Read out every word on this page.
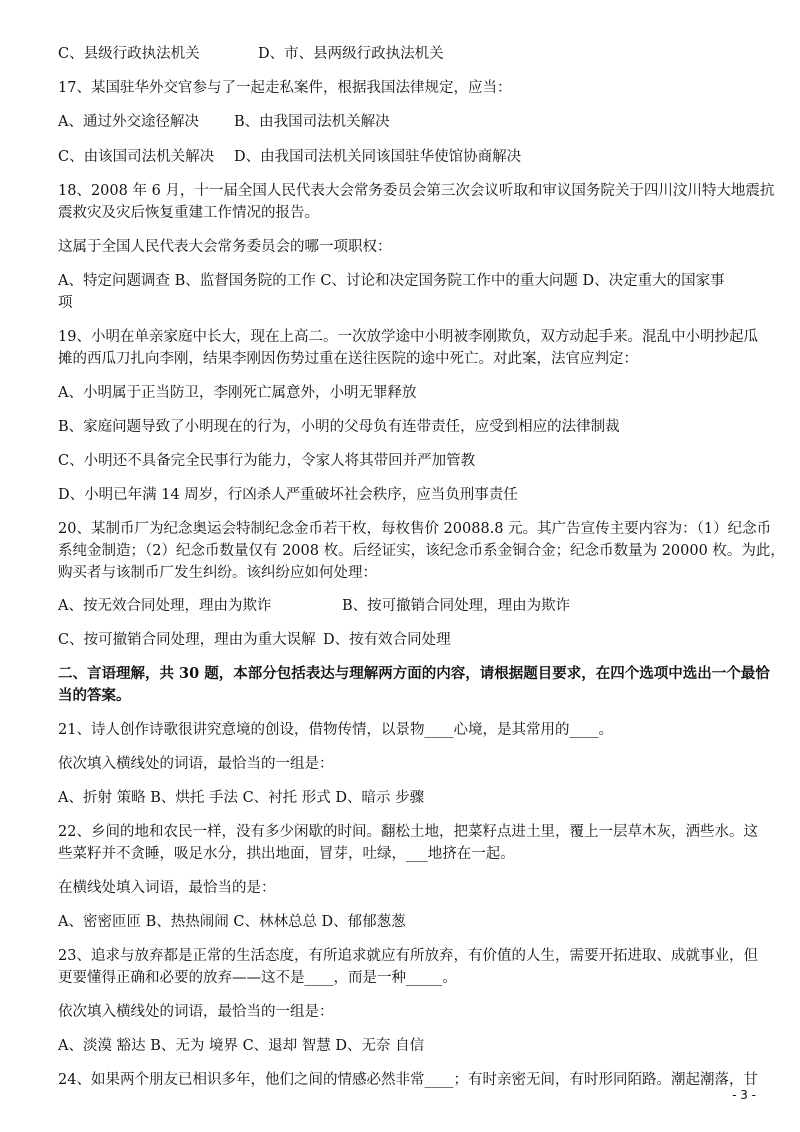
C、县级行政执法机关	D、市、县两级行政执法机关
17、某国驻华外交官参与了一起走私案件，根据我国法律规定，应当：
A、通过外交途径解决 B、由我国司法机关解决
C、由该国司法机关解决 D、由我国司法机关同该国驻华使馆协商解决
18、2008 年 6 月，十一届全国人民代表大会常务委员会第三次会议听取和审议国务院关于四川汶川特大地震抗
震救灾及灾后恢复重建工作情况的报告。
这属于全国人民代表大会常务委员会的哪一项职权：
A、特定问题调查 B、监督国务院的工作 C、讨论和决定国务院工作中的重大问题 D、决定重大的国家事
项
19、小明在单亲家庭中长大，现在上高二。一次放学途中小明被李刚欺负，双方动起手来。混乱中小明抄起瓜
摊的西瓜刀扎向李刚，结果李刚因伤势过重在送往医院的途中死亡。对此案，法官应判定：
A、小明属于正当防卫，李刚死亡属意外，小明无罪释放
B、家庭问题导致了小明现在的行为，小明的父母负有连带责任，应受到相应的法律制裁
C、小明还不具备完全民事行为能力，令家人将其带回并严加管教
D、小明已年满 14 周岁，行凶杀人严重破坏社会秩序，应当负刑事责任
20、某制币厂为纪念奥运会特制纪念金币若干枚，每枚售价 20088.8 元。其广告宣传主要内容为：（1）纪念币
系纯金制造；（2）纪念币数量仅有 2008 枚。后经证实，该纪念币系金铜合金；纪念币数量为 20000 枚。为此，
购买者与该制币厂发生纠纷。该纠纷应如何处理：
A、按无效合同处理，理由为欺诈	B、按可撤销合同处理，理由为欺诈
C、按可撤销合同处理，理由为重大误解 D、按有效合同处理
二、言语理解，共 30 题，本部分包括表达与理解两方面的内容，请根据题目要求，在四个选项中选出一个最恰
当的答案。
21、诗人创作诗歌很讲究意境的创设，借物传情，以景物____心境，是其常用的____。
依次填入横线处的词语，最恰当的一组是：
A、折射 策略 B、烘托 手法 C、衬托 形式 D、暗示 步骤
22、乡间的地和农民一样，没有多少闲歇的时间。翻松土地，把菜籽点进土里，覆上一层草木灰，洒些水。这
些菜籽并不贪睡，吸足水分，拱出地面，冒芽，吐绿，___地挤在一起。
在横线处填入词语，最恰当的是：
A、密密匝匝 B、热热闹闹 C、林林总总 D、郁郁葱葱
23、追求与放弃都是正常的生活态度，有所追求就应有所放弃，有价值的人生，需要开拓进取、成就事业，但
更要懂得正确和必要的放弃——这不是____，而是一种_____。
依次填入横线处的词语，最恰当的一组是：
A、淡漠 豁达 B、无为 境界 C、退却 智慧 D、无奈 自信
24、如果两个朋友已相识多年，他们之间的情感必然非常____；有时亲密无间，有时形同陌路。潮起潮落，甘
- 3 -
